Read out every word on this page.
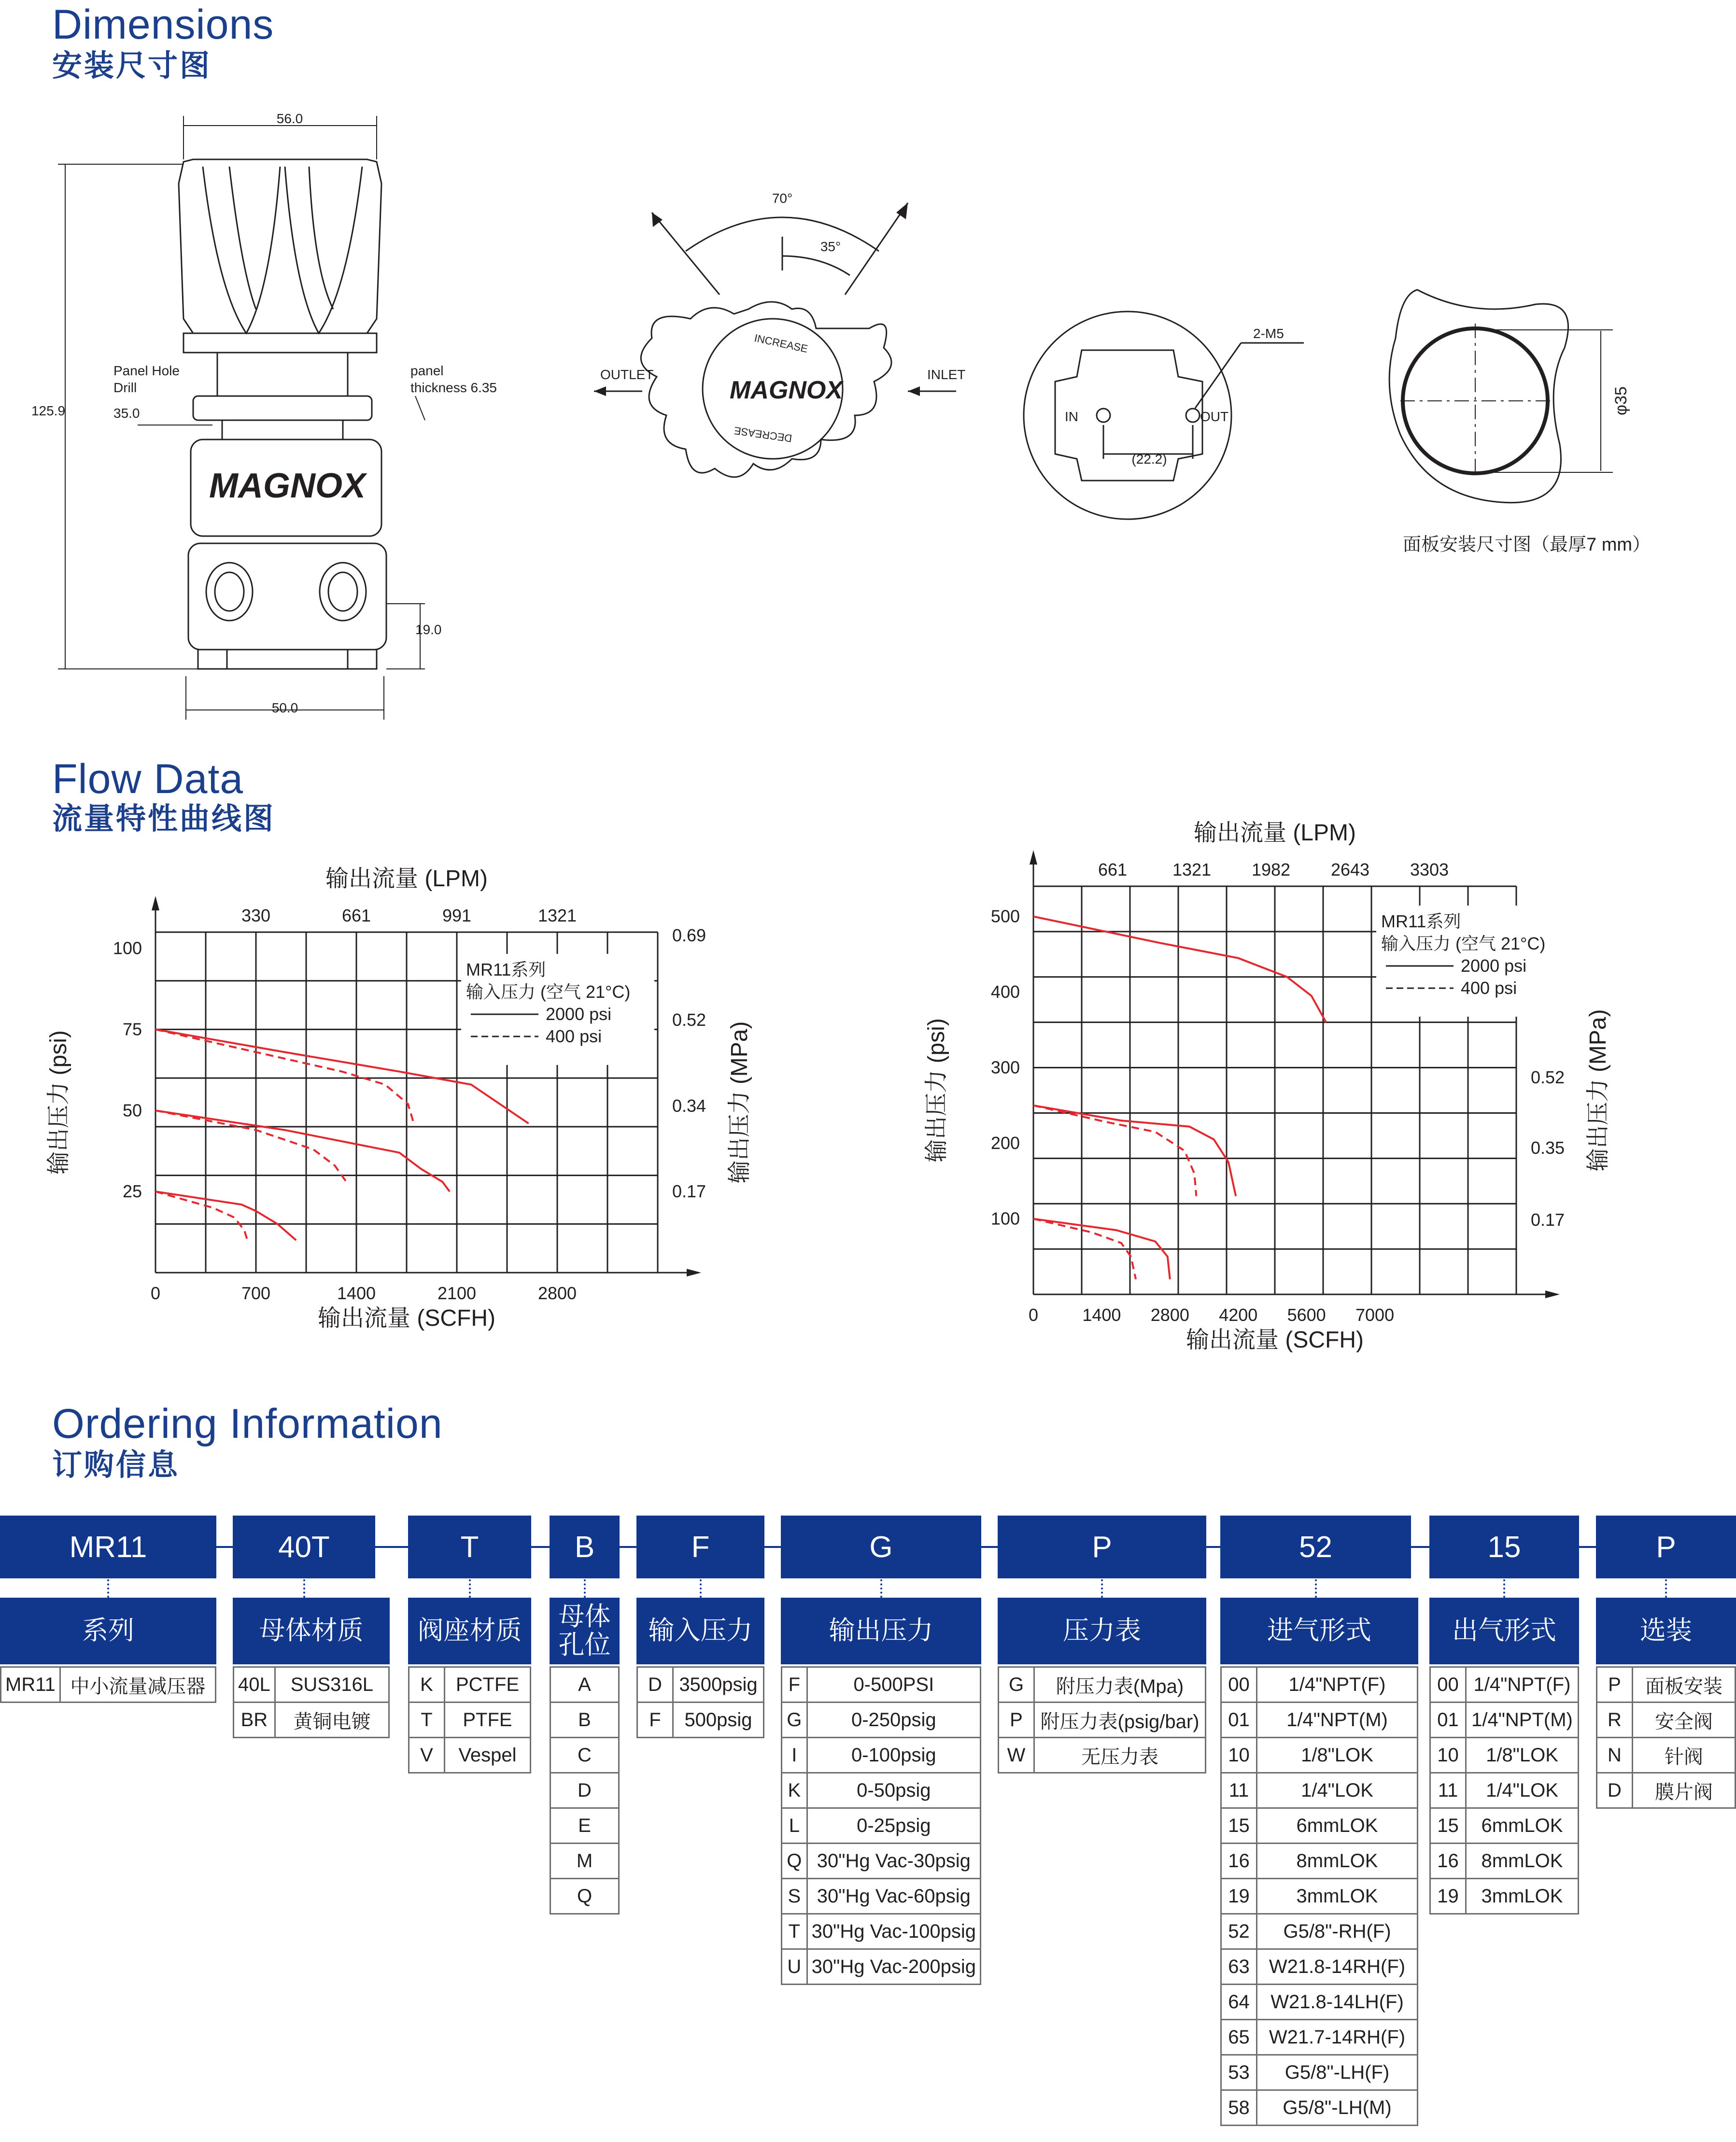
Dimensions
安装尺寸图
Flow Data
流量特性曲线图
Ordering Information
订购信息
56.0
125.9
Panel Hole
Drill
35.0
panel
thickness 6.35
19.0
50.0
70°
35°
OUTLET	INLET
INCREASE
DECREASE
2-M5
IN	OUT
(22.2)
φ35
面板安装尺寸图（最厚7 mm）
MAGNOX
MAGNOX
0	700	1400	2100	2800
330	661	991	1321
25
50
75
100
0.17
0.34
0.52
0.69
输出流量 (SCFH)
输出流量 (LPM)
输出压力 (psi)	输出压力 (MPa)
MR11系列
输入压力 (空气 21°C)
2000 psi
400 psi
0	1400 2800 4200 5600 7000
661	1321 1982 2643 3303
100
200
300
400
500
0.17
0.35
0.52
输出流量 (SCFH)
输出流量 (LPM)
输出压力 (psi)	输出压力 (MPa)
MR11系列
输入压力 (空气 21°C)
2000 psi
400 psi
MR11
系列
MR11	中小流量减压器
40T
母体材质
40L	SUS316L
BR	黄铜电镀
T
阀座材质
K	PCTFE
T	PTFE
V	Vespel
B
母体
孔位
A
B
C
D
E
M
Q
F
输入压力
D	3500psig
F	500psig
G
输出压力
F	0-500PSI
G	0-250psig
I	0-100psig
K	0-50psig
L	0-25psig
Q	30"Hg Vac-30psig
S	30"Hg Vac-60psig
T	30"Hg Vac-100psig
U	30"Hg Vac-200psig
P
压力表
G	附压力表(Mpa)
P	附压力表(psig/bar)
W	无压力表
52
进气形式
00	1/4"NPT(F)
01	1/4"NPT(M)
10	1/8"LOK
11	1/4"LOK
15	6mmLOK
16	8mmLOK
19	3mmLOK
52	G5/8"-RH(F)
63	W21.8-14RH(F)
64	W21.8-14LH(F)
65	W21.7-14RH(F)
53	G5/8"-LH(F)
58	G5/8"-LH(M)
15
出气形式
00	1/4"NPT(F)
01	1/4"NPT(M)
10	1/8"LOK
11	1/4"LOK
15	6mmLOK
16	8mmLOK
19	3mmLOK
P
选装
P	面板安装
R	安全阀
N	针阀
D	膜片阀
